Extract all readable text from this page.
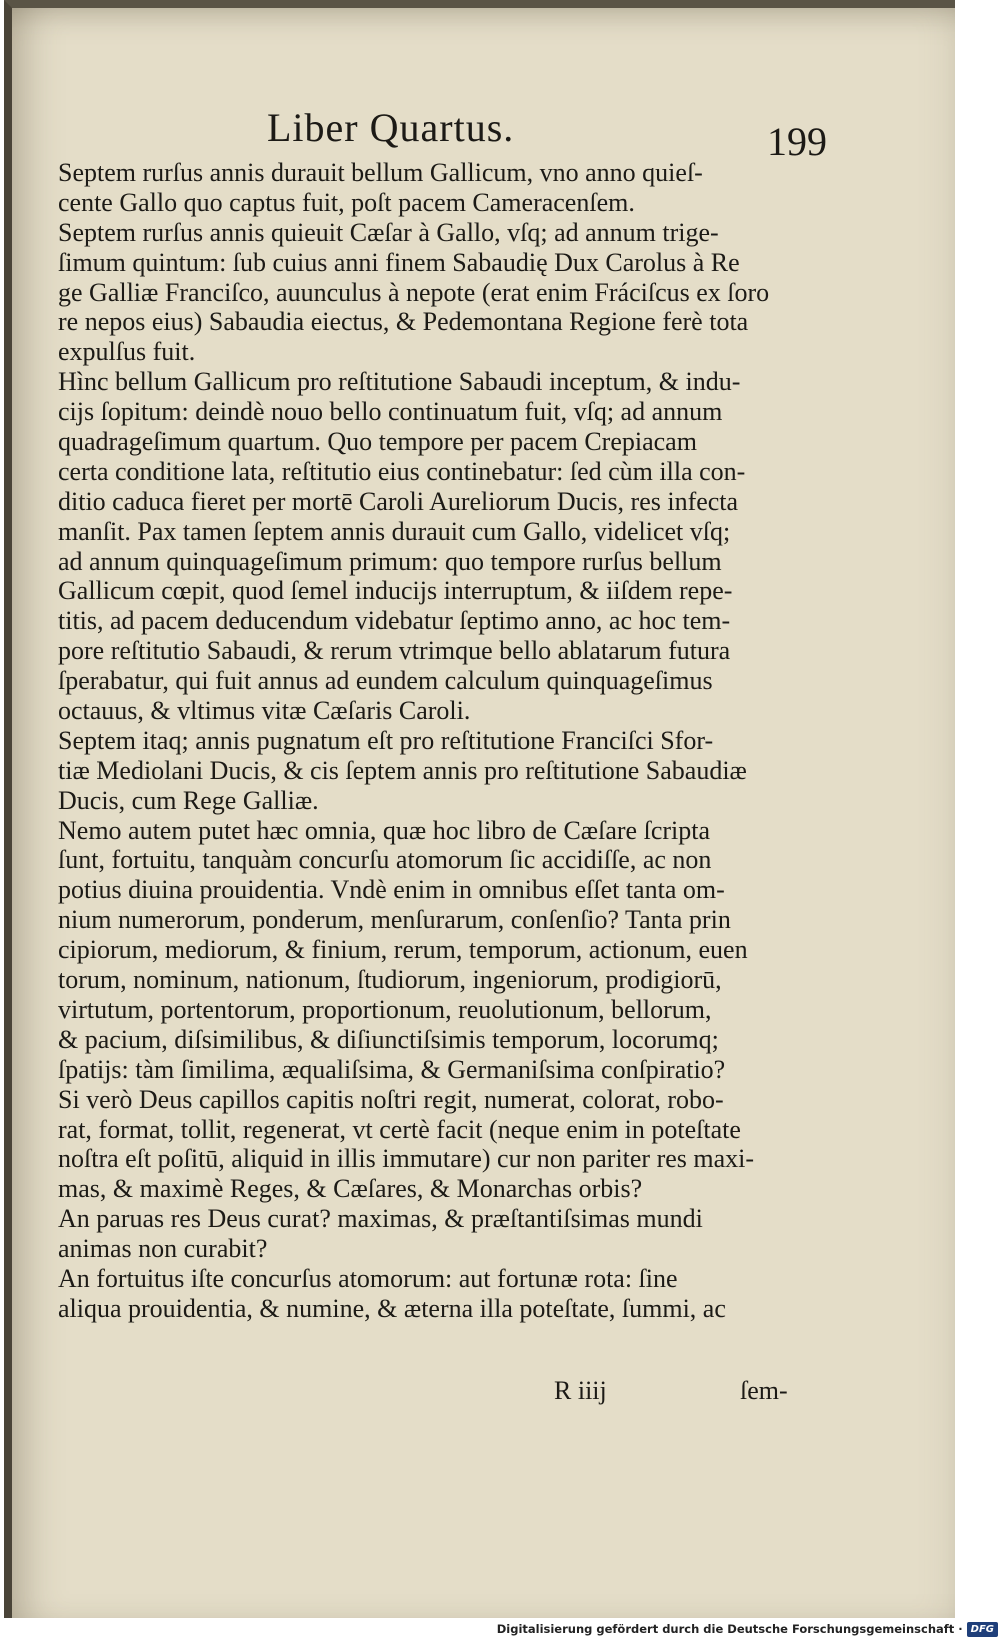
Liber Quartus.	199
Septem rurſus annis durauit bellum Gallicum, vno anno quieſ-
cente Gallo quo captus fuit, poſt pacem Cameracenſem.
Septem rurſus annis quieuit Cæſar à Gallo, vſq; ad annum trige-
ſimum quintum: ſub cuius anni finem Sabaudię Dux Carolus à Re
ge Galliæ Franciſco, auunculus à nepote (erat enim Fráciſcus ex ſoro
re nepos eius) Sabaudia eiectus, & Pedemontana Regione ferè tota
expulſus fuit.
Hìnc bellum Gallicum pro reſtitutione Sabaudi inceptum, & indu-
cijs ſopitum: deindè nouo bello continuatum fuit, vſq; ad annum
quadrageſimum quartum. Quo tempore per pacem Crepiacam
certa conditione lata, reſtitutio eius continebatur: ſed cùm illa con-
ditio caduca fieret per mortē Caroli Aureliorum Ducis, res infecta
manſit. Pax tamen ſeptem annis durauit cum Gallo, videlicet vſq;
ad annum quinquageſimum primum: quo tempore rurſus bellum
Gallicum cœpit, quod ſemel inducijs interruptum, & iiſdem repe-
titis, ad pacem deducendum videbatur ſeptimo anno, ac hoc tem-
pore reſtitutio Sabaudi, & rerum vtrimque bello ablatarum futura
ſperabatur, qui fuit annus ad eundem calculum quinquageſimus
octauus, & vltimus vitæ Cæſaris Caroli.
Septem itaq; annis pugnatum eſt pro reſtitutione Franciſci Sfor-
tiæ Mediolani Ducis, & cis ſeptem annis pro reſtitutione Sabaudiæ
Ducis, cum Rege Galliæ.
Nemo autem putet hæc omnia, quæ hoc libro de Cæſare ſcripta
ſunt, fortuitu, tanquàm concurſu atomorum ſic accidiſſe, ac non
potius diuina prouidentia. Vndè enim in omnibus eſſet tanta om-
nium numerorum, ponderum, menſurarum, conſenſio? Tanta prin
cipiorum, mediorum, & finium, rerum, temporum, actionum, euen
torum, nominum, nationum, ſtudiorum, ingeniorum, prodigiorū,
virtutum, portentorum, proportionum, reuolutionum, bellorum,
& pacium, diſsimilibus, & diſiunctiſsimis temporum, locorumq;
ſpatijs: tàm ſimilima, æqualiſsima, & Germaniſsima conſpiratio?
Si verò Deus capillos capitis noſtri regit, numerat, colorat, robo-
rat, format, tollit, regenerat, vt certè facit (neque enim in poteſtate
noſtra eſt poſitū, aliquid in illis immutare) cur non pariter res maxi-
mas, & maximè Reges, & Cæſares, & Monarchas orbis?
An paruas res Deus curat? maximas, & præſtantiſsimas mundi
animas non curabit?
An fortuitus iſte concurſus atomorum: aut fortunæ rota: ſine
aliqua prouidentia, & numine, & æterna illa poteſtate, ſummi, ac
R iiij	ſem-
Digitalisierung gefördert durch die Deutsche Forschungsgemeinschaft · DFG
